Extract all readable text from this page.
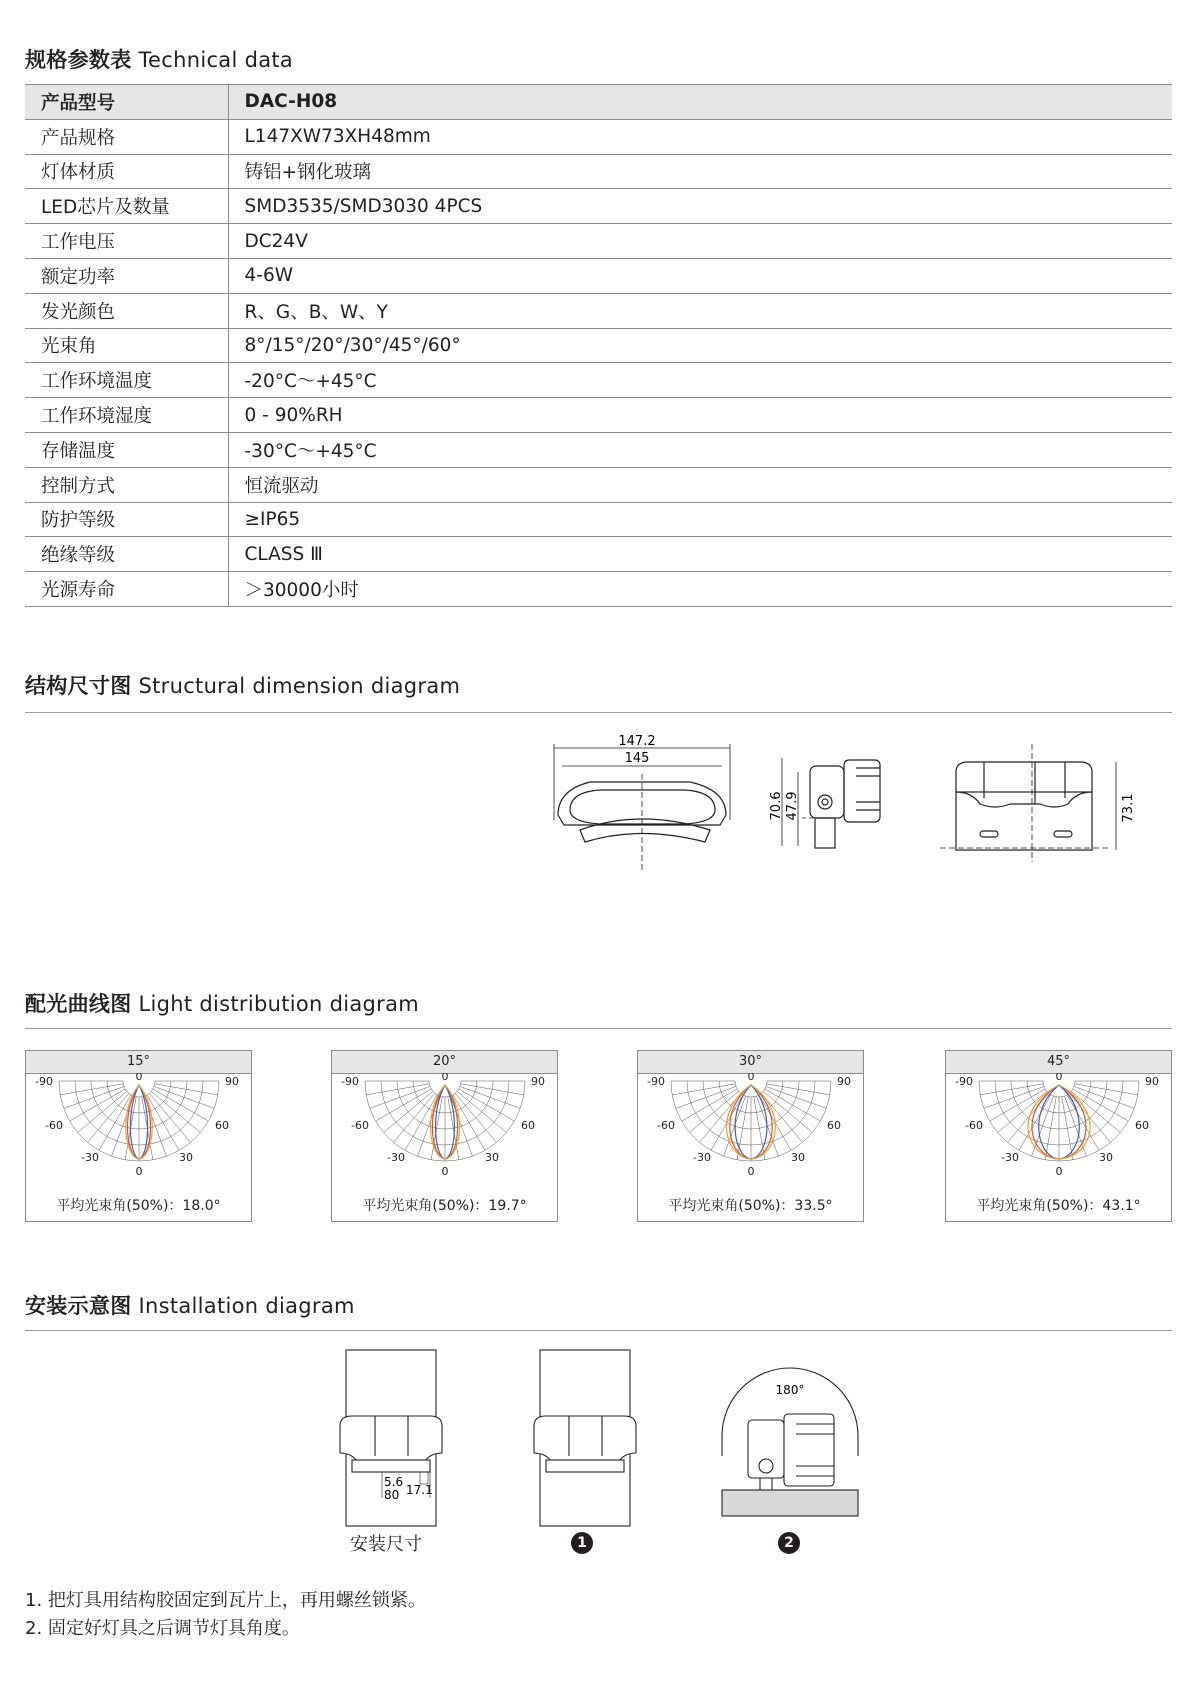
规格参数表 Technical data
产品型号	DAC-H08
产品规格	L147XW73XH48mm
灯体材质	铸铝+钢化玻璃
LED芯片及数量	SMD3535/SMD3030 4PCS
工作电压	DC24V
额定功率	4-6W
发光颜色	R、G、B、W、Y
光束角	8°/15°/20°/30°/45°/60°
工作环境温度	-20°C～+45°C
工作环境湿度	0 - 90%RH
存储温度	-30°C～+45°C
控制方式	恒流驱动
防护等级	≥IP65
绝缘等级	CLASS Ⅲ
光源寿命	＞30000小时
结构尺寸图 Structural dimension diagram
147.2
145
70.6 47.9	73.1
配光曲线图 Light distribution diagram
15°
-90	90
0
-60	60
-30	30
0
平均光束角(50%)：18.0°
20°
-90	90
0
-60	60
-30	30
0
平均光束角(50%)：19.7°
30°
-90	90
0
-60	60
-30	30
0
平均光束角(50%)：33.5°
45°
-90	90
0
-60	60
-30	30
0
平均光束角(50%)：43.1°
安装示意图 Installation diagram
5.6
80 17.1
180°
安装尺寸	1	2
1. 把灯具用结构胶固定到瓦片上，再用螺丝锁紧。
2. 固定好灯具之后调节灯具角度。
